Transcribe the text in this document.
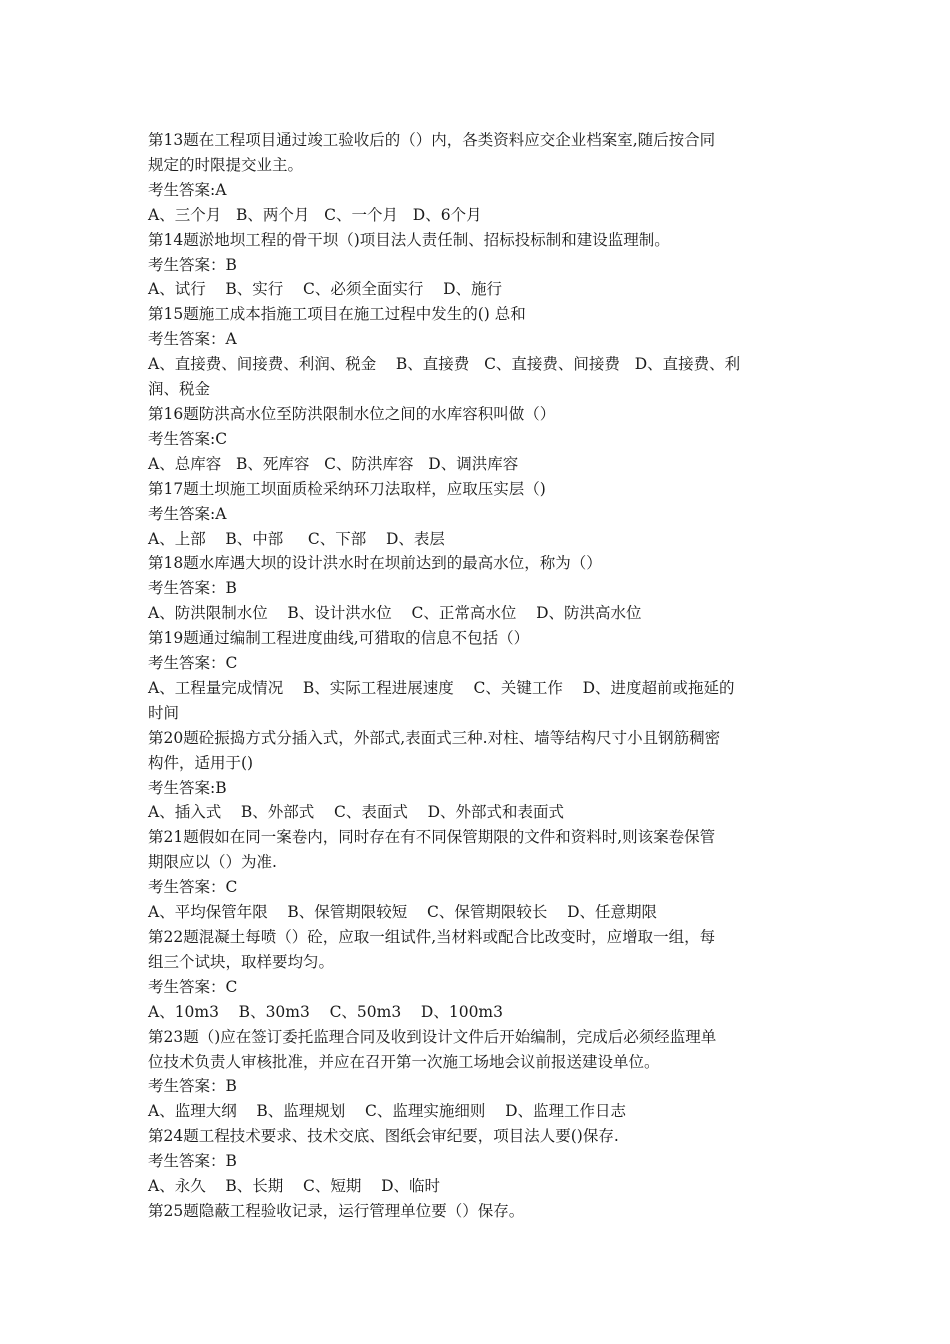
第13题在工程项目通过竣工验收后的（）内，各类资料应交企业档案室,随后按合同

规定的时限提交业主。

考生答案:A

A、三个月   B、两个月   C、一个月   D、6个月

第14题淤地坝工程的骨干坝（)项目法人责任制、招标投标制和建设监理制。

考生答案：B

A、试行    B、实行    C、必须全面实行    D、施行

第15题施工成本指施工项目在施工过程中发生的() 总和

考生答案：A

A、直接费、间接费、利润、税金    B、直接费   C、直接费、间接费   D、直接费、利

润、税金

第16题防洪高水位至防洪限制水位之间的水库容积叫做（）

考生答案:C

A、总库容   B、死库容   C、防洪库容   D、调洪库容

第17题土坝施工坝面质检采纳环刀法取样，应取压实层（)

考生答案:A

A、上部    B、中部     C、下部    D、表层

第18题水库遇大坝的设计洪水时在坝前达到的最高水位，称为（）

考生答案：B

A、防洪限制水位    B、设计洪水位    C、正常高水位    D、防洪高水位

第19题通过编制工程进度曲线,可猎取的信息不包括（）

考生答案：C

A、工程量完成情况    B、实际工程进展速度    C、关键工作    D、进度超前或拖延的

时间

第20题砼振捣方式分插入式，外部式,表面式三种.对柱、墙等结构尺寸小且钢筋稠密

构件，适用于()

考生答案:B

A、插入式    B、外部式    C、表面式    D、外部式和表面式

第21题假如在同一案卷内，同时存在有不同保管期限的文件和资料时,则该案卷保管

期限应以（）为准.

考生答案：C

A、平均保管年限    B、保管期限较短    C、保管期限较长    D、任意期限

第22题混凝土每喷（）砼，应取一组试件,当材料或配合比改变时，应增取一组，每

组三个试块，取样要均匀。

考生答案：C

A、10m3    B、30m3    C、50m3    D、100m3

第23题（)应在签订委托监理合同及收到设计文件后开始编制，完成后必须经监理单

位技术负责人审核批准，并应在召开第一次施工场地会议前报送建设单位。

考生答案：B

A、监理大纲    B、监理规划    C、监理实施细则    D、监理工作日志

第24题工程技术要求、技术交底、图纸会审纪要，项目法人要()保存.

考生答案：B

A、永久    B、长期    C、短期    D、临时

第25题隐蔽工程验收记录，运行管理单位要（）保存。
